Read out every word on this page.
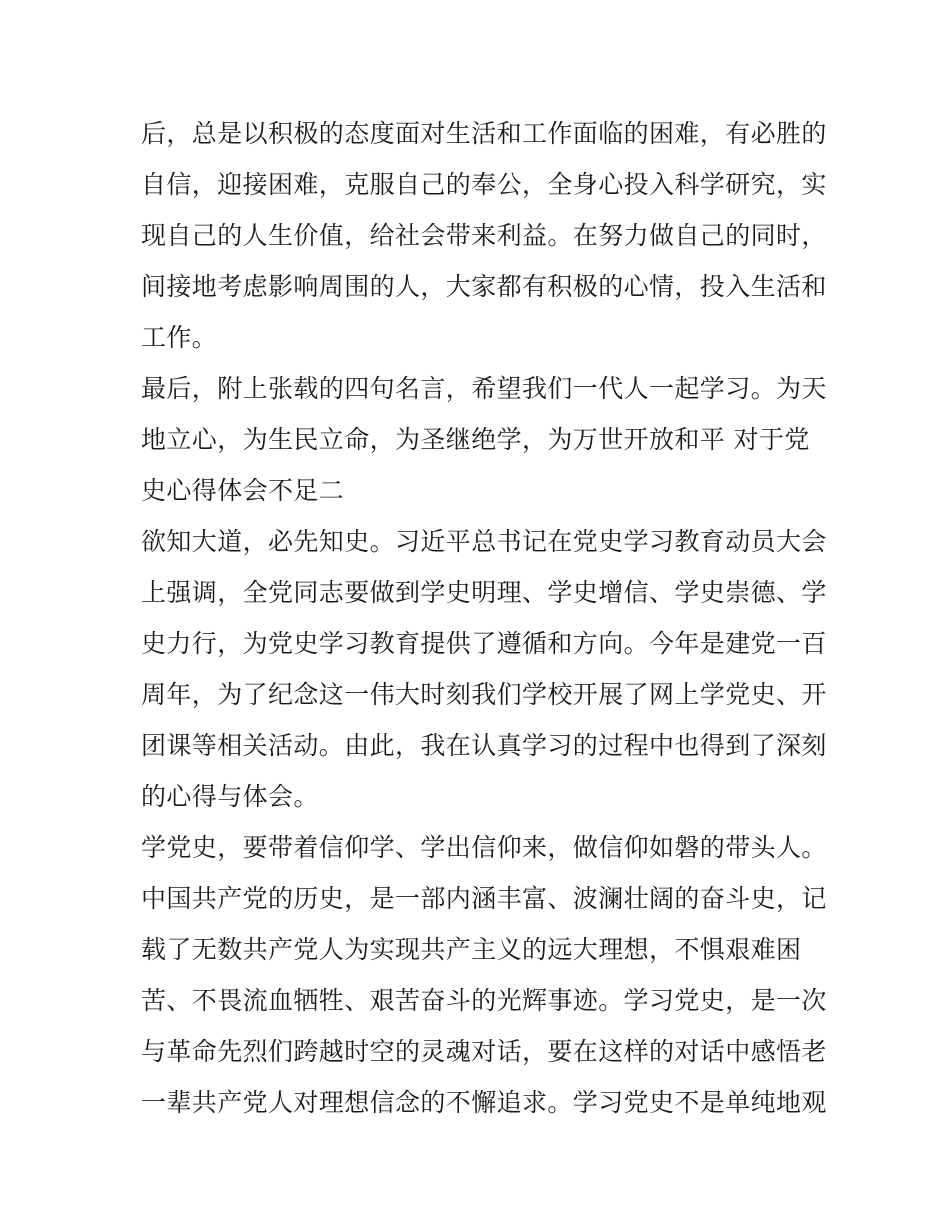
后，总是以积极的态度面对生活和工作面临的困难，有必胜的
自信，迎接困难，克服自己的奉公，全身心投入科学研究，实
现自己的人生价值，给社会带来利益。在努力做自己的同时，
间接地考虑影响周围的人，大家都有积极的心情，投入生活和
工作。
最后，附上张载的四句名言，希望我们一代人一起学习。为天
地立心，为生民立命，为圣继绝学，为万世开放和平 对于党
史心得体会不足二
欲知大道，必先知史。习近平总书记在党史学习教育动员大会
上强调，全党同志要做到学史明理、学史增信、学史崇德、学
史力行，为党史学习教育提供了遵循和方向。今年是建党一百
周年，为了纪念这一伟大时刻我们学校开展了网上学党史、开
团课等相关活动。由此，我在认真学习的过程中也得到了深刻
的心得与体会。
学党史，要带着信仰学、学出信仰来，做信仰如磐的带头人。
中国共产党的历史，是一部内涵丰富、波澜壮阔的奋斗史，记
载了无数共产党人为实现共产主义的远大理想，不惧艰难困
苦、不畏流血牺牲、艰苦奋斗的光辉事迹。学习党史，是一次
与革命先烈们跨越时空的灵魂对话，要在这样的对话中感悟老
一辈共产党人对理想信念的不懈追求。学习党史不是单纯地观
